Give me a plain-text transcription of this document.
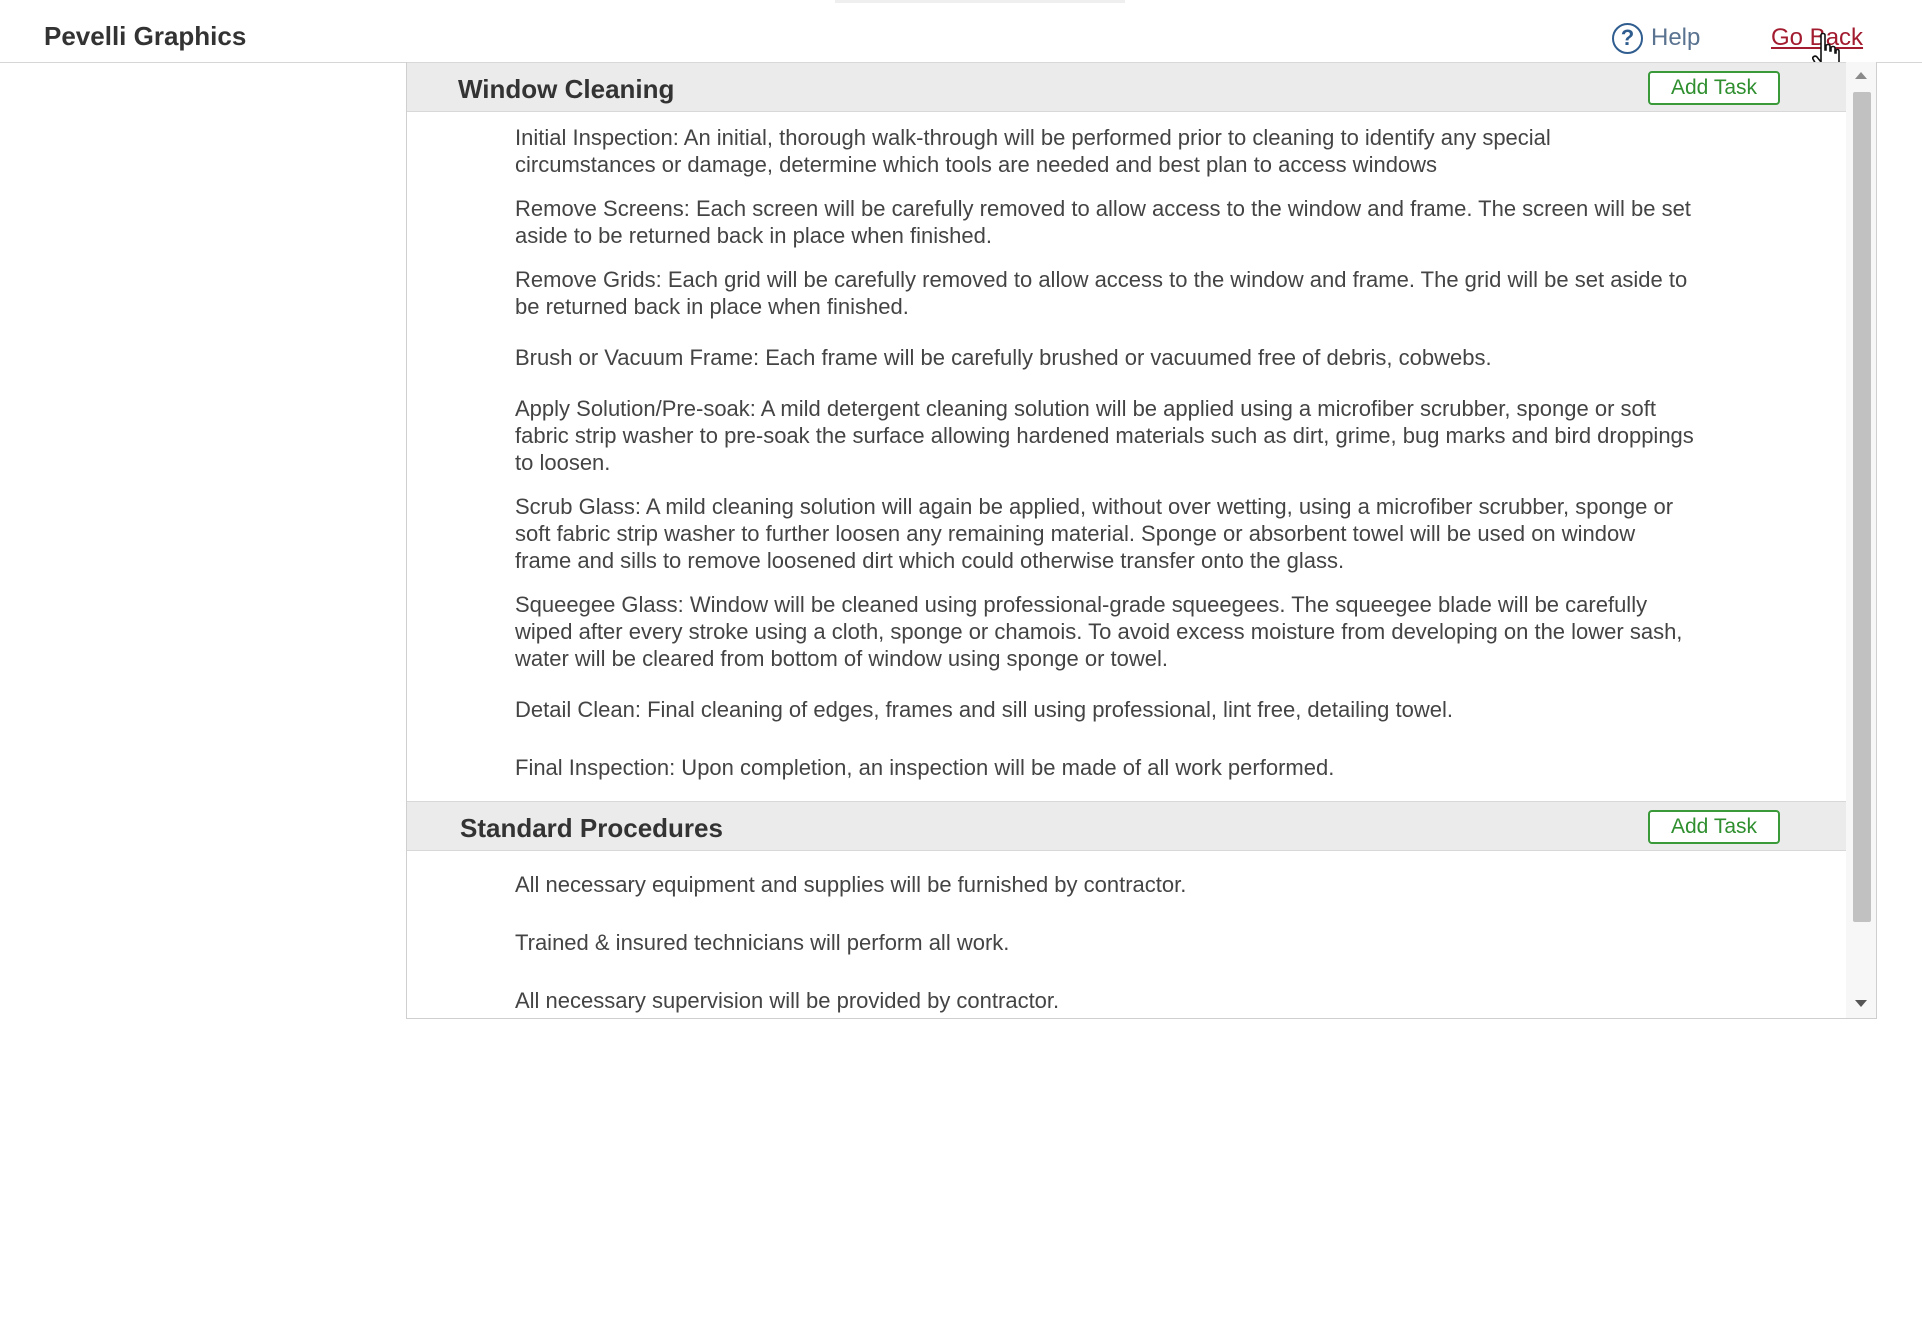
Pevelli Graphics	? Help	Go Back
Window Cleaning	Add Task
Initial Inspection: An initial, thorough walk-through will be performed prior to cleaning to identify any special circumstances or damage, determine which tools are needed and best plan to access windows
Remove Screens: Each screen will be carefully removed to allow access to the window and frame. The screen will be set aside to be returned back in place when finished.
Remove Grids: Each grid will be carefully removed to allow access to the window and frame. The grid will be set aside to be returned back in place when finished.
Brush or Vacuum Frame: Each frame will be carefully brushed or vacuumed free of debris, cobwebs.
Apply Solution/Pre-soak: A mild detergent cleaning solution will be applied using a microfiber scrubber, sponge or soft fabric strip washer to pre-soak the surface allowing hardened materials such as dirt, grime, bug marks and bird droppings to loosen.
Scrub Glass: A mild cleaning solution will again be applied, without over wetting, using a microfiber scrubber, sponge or soft fabric strip washer to further loosen any remaining material. Sponge or absorbent towel will be used on window frame and sills to remove loosened dirt which could otherwise transfer onto the glass.
Squeegee Glass: Window will be cleaned using professional-grade squeegees. The squeegee blade will be carefully wiped after every stroke using a cloth, sponge or chamois. To avoid excess moisture from developing on the lower sash, water will be cleared from bottom of window using sponge or towel.
Detail Clean: Final cleaning of edges, frames and sill using professional, lint free, detailing towel.
Final Inspection: Upon completion, an inspection will be made of all work performed.
Standard Procedures	Add Task
All necessary equipment and supplies will be furnished by contractor.
Trained & insured technicians will perform all work.
All necessary supervision will be provided by contractor.
